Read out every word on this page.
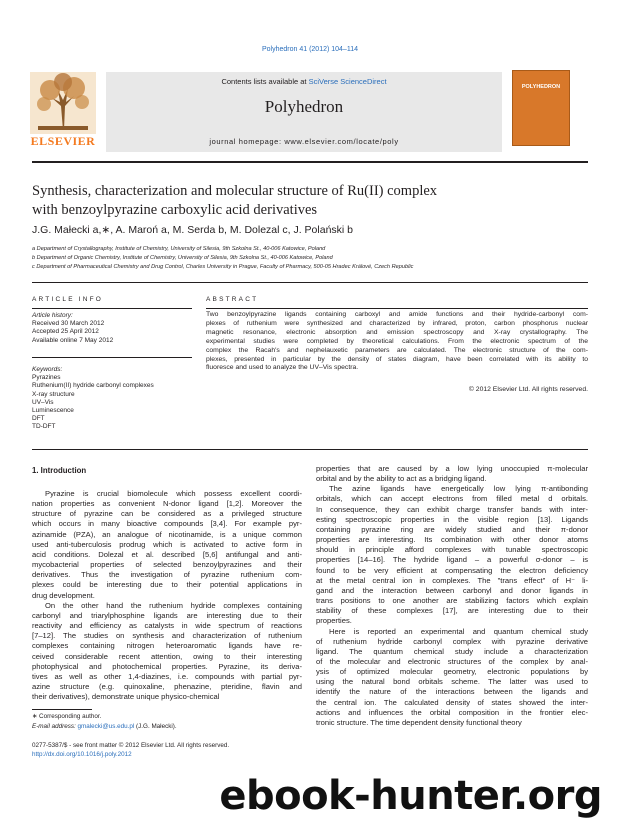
Polyhedron 41 (2012) 104–114
ELSEVIER
Contents lists available at SciVerse ScienceDirect
Polyhedron
journal homepage: www.elsevier.com/locate/poly
POLYHEDRON
Synthesis, characterization and molecular structure of Ru(II) complex
with benzoylpyrazine carboxylic acid derivatives
J.G. Małecki a,∗, A. Maroń a, M. Serda b, M. Dolezal c, J. Polański b
a Department of Crystallography, Institute of Chemistry, University of Silesia, 9th Szkolna St., 40-006 Katowice, Poland
b Department of Organic Chemistry, Institute of Chemistry, University of Silesia, 9th Szkolna St., 40-006 Katowice, Poland
c Department of Pharmaceutical Chemistry and Drug Control, Charles University in Prague, Faculty of Pharmacy, 500-05 Hradec Králové, Czech Republic
ARTICLE INFO
Article history:
Received 30 March 2012
Accepted 25 April 2012
Available online 7 May 2012
Keywords:
Pyrazines
Ruthenium(II) hydride carbonyl complexes
X-ray structure
UV–Vis
Luminescence
DFT
TD-DFT
ABSTRACT
Two benzoylpyrazine ligands containing carboxyl and amide functions and their hydride-carbonyl com-
plexes of ruthenium were synthesized and characterized by infrared, proton, carbon phosphorus nuclear
magnetic resonance, electronic absorption and emission spectroscopy and X-ray crystallography. The
experimental studies were completed by theoretical calculations. From the electronic spectrum of the
complex the Racah's and nephelauxetic parameters are calculated. The electronic structure of the com-
plexes, presented in particular by the density of states diagram, have been correlated with its ability to
fluoresce and used to analyze the UV–Vis spectra.
© 2012 Elsevier Ltd. All rights reserved.
1. Introduction
Pyrazine is crucial biomolecule which possess excellent coordi-
nation properties as convenient N-donor ligand [1,2]. Moreover the
structure of pyrazine can be considered as a privileged structure
which occurs in many bioactive compounds [3,4]. For example pyr-
azinamide (PZA), an analogue of nicotinamide, is a unique common
used anti-tuberculosis prodrug which is activated to active form in
acid conditions. Dolezal et al. described [5,6] antifungal and anti-
mycobacterial properties of selected benzoylpyrazines and their
derivatives. Thus the investigation of pyrazine ruthenium com-
plexes could be interesting due to their potential applications in
drug development.
On the other hand the ruthenium hydride complexes containing
carbonyl and triarylphosphine ligands are interesting due to their
reactivity and efficiency as catalysts in wide spectrum of reactions
[7–12]. The studies on synthesis and characterization of ruthenium
complexes containing nitrogen heteroaromatic ligands have re-
ceived considerable recent attention, owing to their interesting
photophysical and photochemical properties. Pyrazine, its deriva-
tives as well as other 1,4-diazines, i.e. compounds with partial pyr-
azine structure (e.g. quinoxaline, phenazine, pteridine, flavin and
their derivatives), demonstrate unique physico-chemical
properties that are caused by a low lying unoccupied π-molecular
orbital and by the ability to act as a bridging ligand.
The azine ligands have energetically low lying π-antibonding
orbitals, which can accept electrons from filled metal d orbitals.
In consequence, they can exhibit charge transfer bands with inter-
esting spectroscopic properties in the visible region [13]. Ligands
containing pyrazine ring are widely studied and their π-donor
properties are interesting. Its combination with other donor atoms
should in principle afford complexes with tunable spectroscopic
properties [14–16]. The hydride ligand – a powerful σ-donor – is
found to be very efficient at compensating the electron deficiency
at the metal central ion in complexes. The "trans effect" of H⁻ li-
gand and the interaction between carbonyl and donor ligands in
trans positions to one another are stabilizing factors which explain
stability of these complexes [17], are interesting due to their
properties.
Here is reported an experimental and quantum chemical study
of ruthenium hydride carbonyl complex with pyrazine derivative
ligand. The quantum chemical study include a characterization
of the molecular and electronic structures of the complex by anal-
ysis of optimized molecular geometry, electronic populations by
using the natural bond orbitals scheme. The latter was used to
identify the nature of the interactions between the ligands and
the central ion. The calculated density of states showed the inter-
actions and influences the orbital composition in the frontier elec-
tronic structure. The time dependent density functional theory
∗ Corresponding author.
E-mail address: gmalecki@us.edu.pl (J.G. Małecki).
0277-5387/$ - see front matter © 2012 Elsevier Ltd. All rights reserved.
http://dx.doi.org/10.1016/j.poly.2012
ebook-hunter.org
